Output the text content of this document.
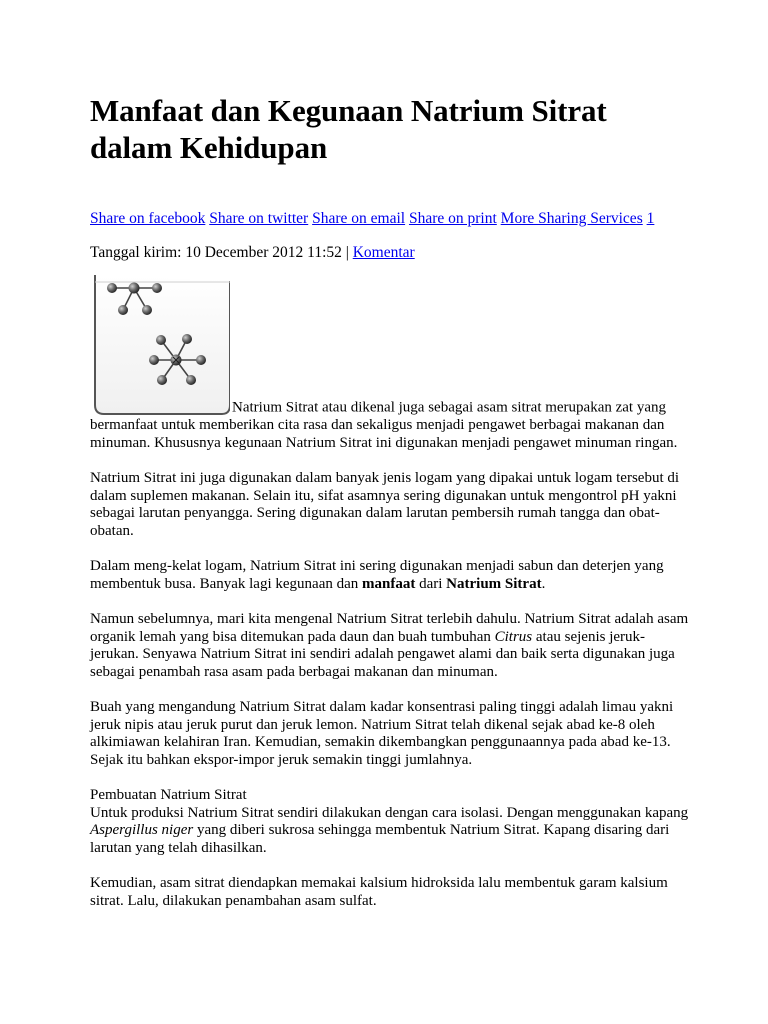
Manfaat dan Kegunaan Natrium Sitrat
dalam Kehidupan
Share on facebook Share on twitter Share on email Share on print More Sharing Services 1
Tanggal kirim: 10 December 2012 11:52 | Komentar
Natrium Sitrat atau dikenal juga sebagai asam sitrat merupakan zat yang bermanfaat untuk memberikan cita rasa dan sekaligus menjadi pengawet berbagai makanan dan minuman. Khususnya kegunaan Natrium Sitrat ini digunakan menjadi pengawet minuman ringan.

Natrium Sitrat ini juga digunakan dalam banyak jenis logam yang dipakai untuk logam tersebut di dalam suplemen makanan. Selain itu, sifat asamnya sering digunakan untuk mengontrol pH yakni sebagai larutan penyangga. Sering digunakan dalam larutan pembersih rumah tangga dan obat-obatan.

Dalam meng-kelat logam, Natrium Sitrat ini sering digunakan menjadi sabun dan deterjen yang membentuk busa. Banyak lagi kegunaan dan manfaat dari Natrium Sitrat.

Namun sebelumnya, mari kita mengenal Natrium Sitrat terlebih dahulu. Natrium Sitrat adalah asam organik lemah yang bisa ditemukan pada daun dan buah tumbuhan Citrus atau sejenis jeruk-jerukan. Senyawa Natrium Sitrat ini sendiri adalah pengawet alami dan baik serta digunakan juga sebagai penambah rasa asam pada berbagai makanan dan minuman.

Buah yang mengandung Natrium Sitrat dalam kadar konsentrasi paling tinggi adalah limau yakni jeruk nipis atau jeruk purut dan jeruk lemon. Natrium Sitrat telah dikenal sejak abad ke-8 oleh alkimiawan kelahiran Iran. Kemudian, semakin dikembangkan penggunaannya pada abad ke-13. Sejak itu bahkan ekspor-impor jeruk semakin tinggi jumlahnya.

Pembuatan Natrium Sitrat
Untuk produksi Natrium Sitrat sendiri dilakukan dengan cara isolasi. Dengan menggunakan kapang Aspergillus niger yang diberi sukrosa sehingga membentuk Natrium Sitrat. Kapang disaring dari larutan yang telah dihasilkan.

Kemudian, asam sitrat diendapkan memakai kalsium hidroksida lalu membentuk garam kalsium sitrat. Lalu, dilakukan penambahan asam sulfat.
